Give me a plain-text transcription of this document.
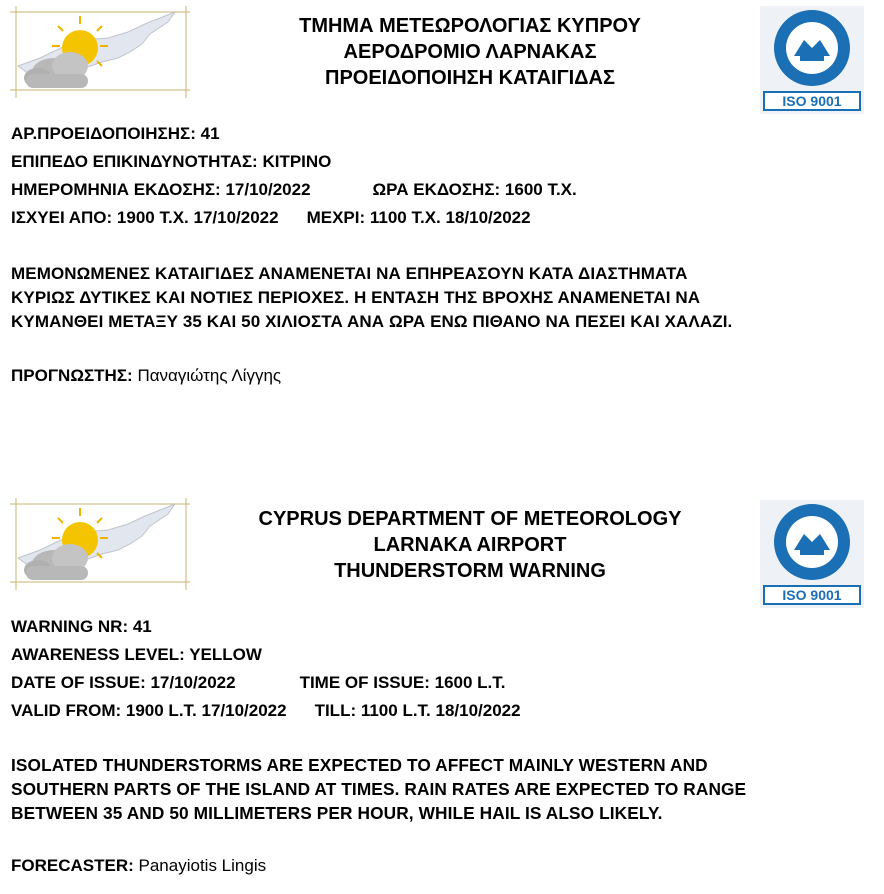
ISO 9001
ΤΜΗΜΑ ΜΕΤΕΩΡΟΛΟΓΙΑΣ ΚΥΠΡΟΥ
ΑΕΡΟΔΡΟΜΙΟ ΛΑΡΝΑΚΑΣ
ΠΡΟΕΙΔΟΠΟΙΗΣΗ ΚΑΤΑΙΓΙΔΑΣ
ΑΡ.ΠΡΟΕΙΔΟΠΟΙΗΣΗΣ: 41
ΕΠΙΠΕΔΟ ΕΠΙΚΙΝΔΥΝΟΤΗΤΑΣ: ΚΙΤΡΙΝΟ
ΗΜΕΡΟΜΗΝΙΑ ΕΚΔΟΣΗΣ: 17/10/2022	ΩΡΑ ΕΚΔΟΣΗΣ: 1600 Τ.Χ.
ΙΣΧΥΕΙ ΑΠΟ: 1900 Τ.Χ. 17/10/2022 ΜΕΧΡΙ: 1100 Τ.Χ. 18/10/2022
ΜΕΜΟΝΩΜΕΝΕΣ ΚΑΤΑΙΓΙΔΕΣ ΑΝΑΜΕΝΕΤΑΙ ΝΑ ΕΠΗΡΕΑΣΟΥΝ ΚΑΤΑ ΔΙΑΣΤΗΜΑΤΑ
ΚΥΡΙΩΣ ΔΥΤΙΚΕΣ ΚΑΙ ΝΟΤΙΕΣ ΠΕΡΙΟΧΕΣ. Η ΕΝΤΑΣΗ ΤΗΣ ΒΡΟΧΗΣ ΑΝΑΜΕΝΕΤΑΙ ΝΑ
ΚΥΜΑΝΘΕΙ ΜΕΤΑΞΥ 35 ΚΑΙ 50 ΧΙΛΙΟΣΤΑ ΑΝΑ ΩΡΑ ΕΝΩ ΠΙΘΑΝΟ ΝΑ ΠΕΣΕΙ ΚΑΙ ΧΑΛΑΖΙ.
ΠΡΟΓΝΩΣΤΗΣ: Παναγιώτης Λίγγης
ISO 9001
CYPRUS DEPARTMENT OF METEOROLOGY
LARNAKA AIRPORT
THUNDERSTORM WARNING
WARNING NR: 41
AWARENESS LEVEL: YELLOW
DATE OF ISSUE: 17/10/2022	TIME OF ISSUE: 1600 L.T.
VALID FROM: 1900 L.T. 17/10/2022 TILL: 1100 L.T. 18/10/2022
ISOLATED THUNDERSTORMS ARE EXPECTED TO AFFECT MAINLY WESTERN AND
SOUTHERN PARTS OF THE ISLAND AT TIMES. RAIN RATES ARE EXPECTED TO RANGE
BETWEEN 35 AND 50 MILLIMETERS PER HOUR, WHILE HAIL IS ALSO LIKELY.
FORECASTER: Panayiotis Lingis
